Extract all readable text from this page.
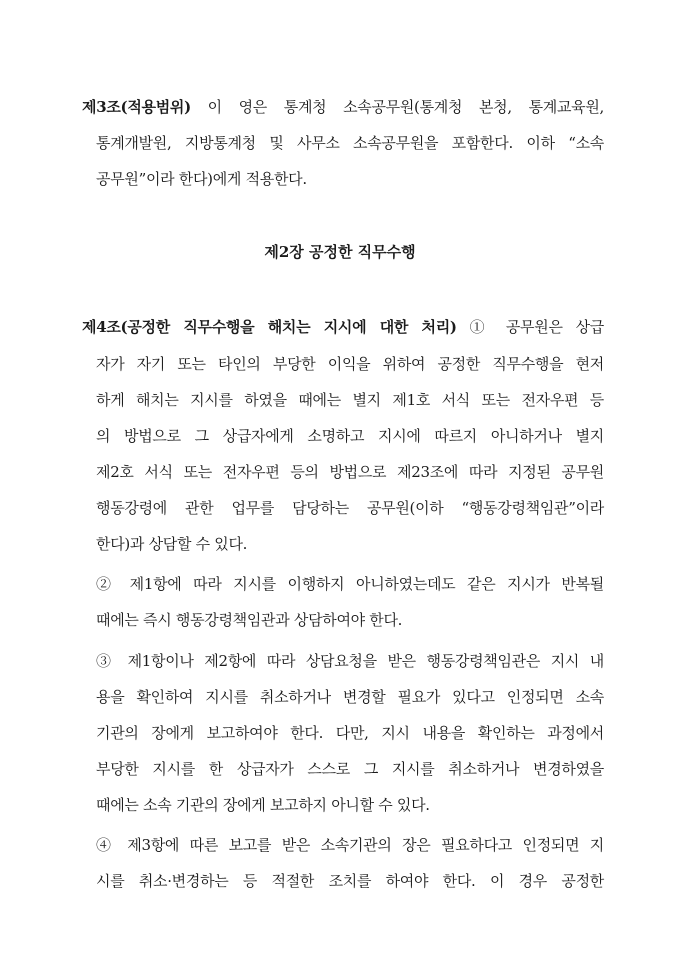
제3조(적용범위) 이 영은 통계청 소속공무원(통계청 본청, 통계교육원,
통계개발원, 지방통계청 및 사무소 소속공무원을 포함한다. 이하 “소속
공무원”이라 한다)에게 적용한다.
제2장 공정한 직무수행
제4조(공정한 직무수행을 해치는 지시에 대한 처리) ① 공무원은 상급
자가 자기 또는 타인의 부당한 이익을 위하여 공정한 직무수행을 현저
하게 해치는 지시를 하였을 때에는 별지 제1호 서식 또는 전자우편 등
의 방법으로 그 상급자에게 소명하고 지시에 따르지 아니하거나 별지
제2호 서식 또는 전자우편 등의 방법으로 제23조에 따라 지정된 공무원
행동강령에 관한 업무를 담당하는 공무원(이하 “행동강령책임관”이라
한다)과 상담할 수 있다.
② 제1항에 따라 지시를 이행하지 아니하였는데도 같은 지시가 반복될
때에는 즉시 행동강령책임관과 상담하여야 한다.
③ 제1항이나 제2항에 따라 상담요청을 받은 행동강령책임관은 지시 내
용을 확인하여 지시를 취소하거나 변경할 필요가 있다고 인정되면 소속
기관의 장에게 보고하여야 한다. 다만, 지시 내용을 확인하는 과정에서
부당한 지시를 한 상급자가 스스로 그 지시를 취소하거나 변경하였을
때에는 소속 기관의 장에게 보고하지 아니할 수 있다.
④ 제3항에 따른 보고를 받은 소속기관의 장은 필요하다고 인정되면 지
시를 취소·변경하는 등 적절한 조치를 하여야 한다. 이 경우 공정한
